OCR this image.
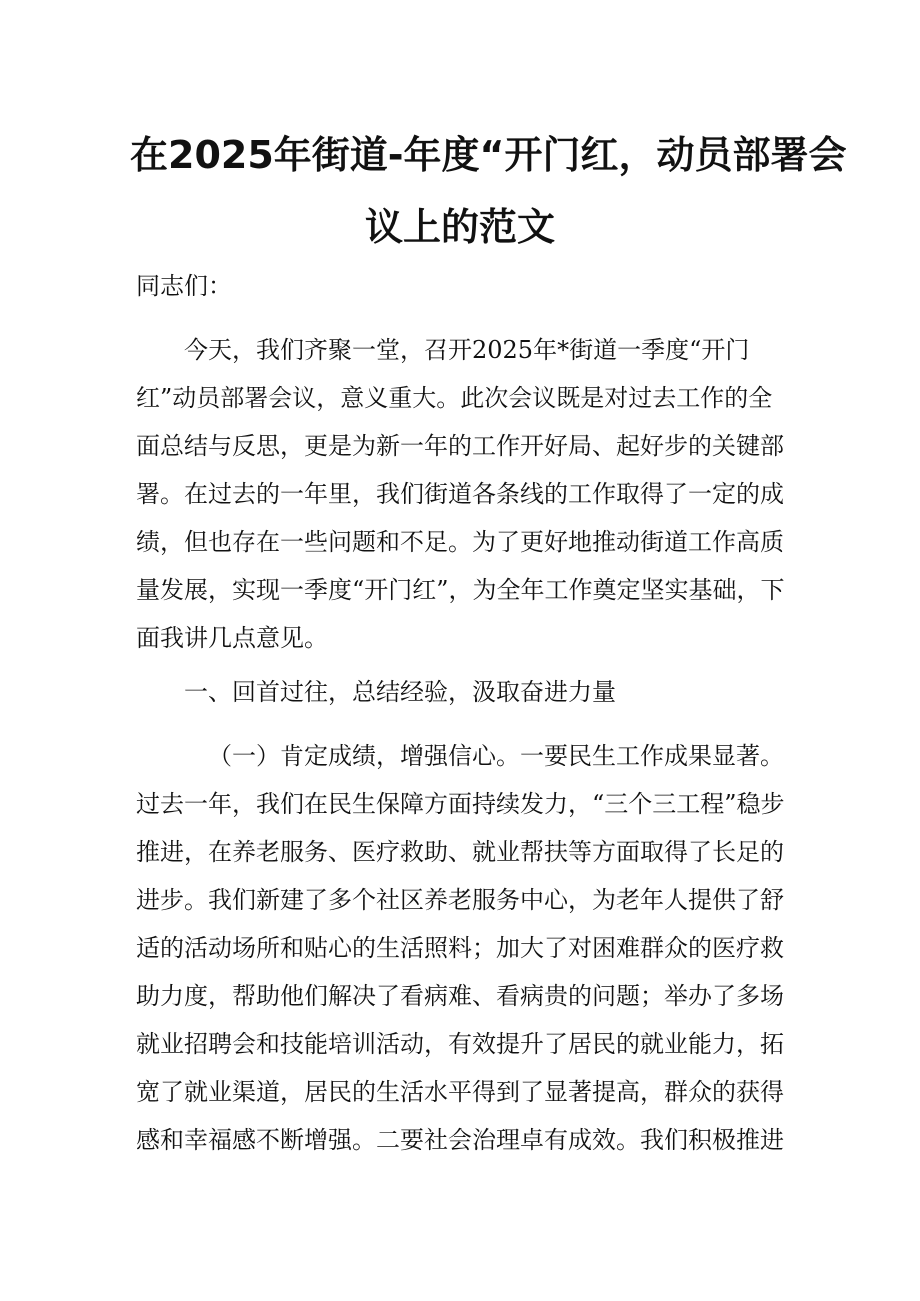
在2025年街道-年度“开门红，动员部署会
议上的范文
同志们：
今天，我们齐聚一堂，召开2025年*街道一季度“开门红”动员部署会议，意义重大。此次会议既是对过去工作的全面总结与反思，更是为新一年的工作开好局、起好步的关键部署。在过去的一年里，我们街道各条线的工作取得了一定的成绩，但也存在一些问题和不足。为了更好地推动街道工作高质量发展，实现一季度“开门红”，为全年工作奠定坚实基础，下面我讲几点意见。
一、回首过往，总结经验，汲取奋进力量
（一）肯定成绩，增强信心。一要民生工作成果显著。过去一年，我们在民生保障方面持续发力，“三个三工程”稳步推进，在养老服务、医疗救助、就业帮扶等方面取得了长足的进步。我们新建了多个社区养老服务中心，为老年人提供了舒适的活动场所和贴心的生活照料；加大了对困难群众的医疗救助力度，帮助他们解决了看病难、看病贵的问题；举办了多场就业招聘会和技能培训活动，有效提升了居民的就业能力，拓宽了就业渠道，居民的生活水平得到了显著提高，群众的获得感和幸福感不断增强。二要社会治理卓有成效。我们积极推进
